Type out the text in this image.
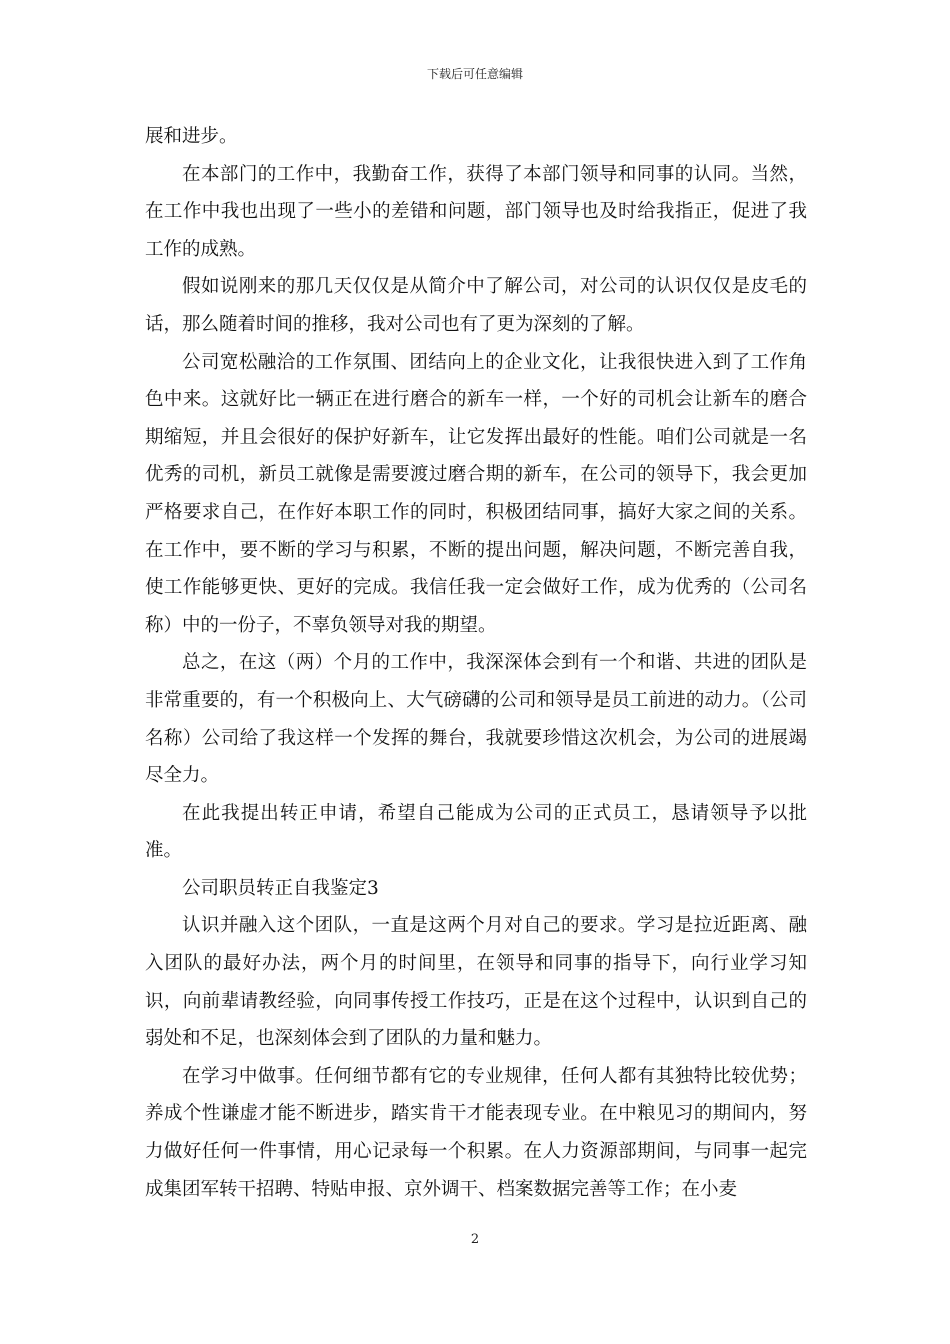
下载后可任意编辑

展和进步。

在本部门的工作中，我勤奋工作，获得了本部门领导和同事的认同。当然，在工作中我也出现了一些小的差错和问题，部门领导也及时给我指正，促进了我工作的成熟。

假如说刚来的那几天仅仅是从简介中了解公司，对公司的认识仅仅是皮毛的话，那么随着时间的推移，我对公司也有了更为深刻的了解。

公司宽松融洽的工作氛围、团结向上的企业文化，让我很快进入到了工作角色中来。这就好比一辆正在进行磨合的新车一样，一个好的司机会让新车的磨合期缩短，并且会很好的保护好新车，让它发挥出最好的性能。咱们公司就是一名优秀的司机，新员工就像是需要渡过磨合期的新车，在公司的领导下，我会更加严格要求自己，在作好本职工作的同时，积极团结同事，搞好大家之间的关系。在工作中，要不断的学习与积累，不断的提出问题，解决问题，不断完善自我，使工作能够更快、更好的完成。我信任我一定会做好工作，成为优秀的（公司名称）中的一份子，不辜负领导对我的期望。

总之，在这（两）个月的工作中，我深深体会到有一个和谐、共进的团队是非常重要的，有一个积极向上、大气磅礴的公司和领导是员工前进的动力。（公司名称）公司给了我这样一个发挥的舞台，我就要珍惜这次机会，为公司的进展竭尽全力。

在此我提出转正申请，希望自己能成为公司的正式员工，恳请领导予以批准。

公司职员转正自我鉴定3

认识并融入这个团队，一直是这两个月对自己的要求。学习是拉近距离、融入团队的最好办法，两个月的时间里，在领导和同事的指导下，向行业学习知识，向前辈请教经验，向同事传授工作技巧，正是在这个过程中，认识到自己的弱处和不足，也深刻体会到了团队的力量和魅力。

在学习中做事。任何细节都有它的专业规律，任何人都有其独特比较优势；养成个性谦虚才能不断进步，踏实肯干才能表现专业。在中粮见习的期间内，努力做好任何一件事情，用心记录每一个积累。在人力资源部期间，与同事一起完成集团军转干招聘、特贴申报、京外调干、档案数据完善等工作；在小麦

2
